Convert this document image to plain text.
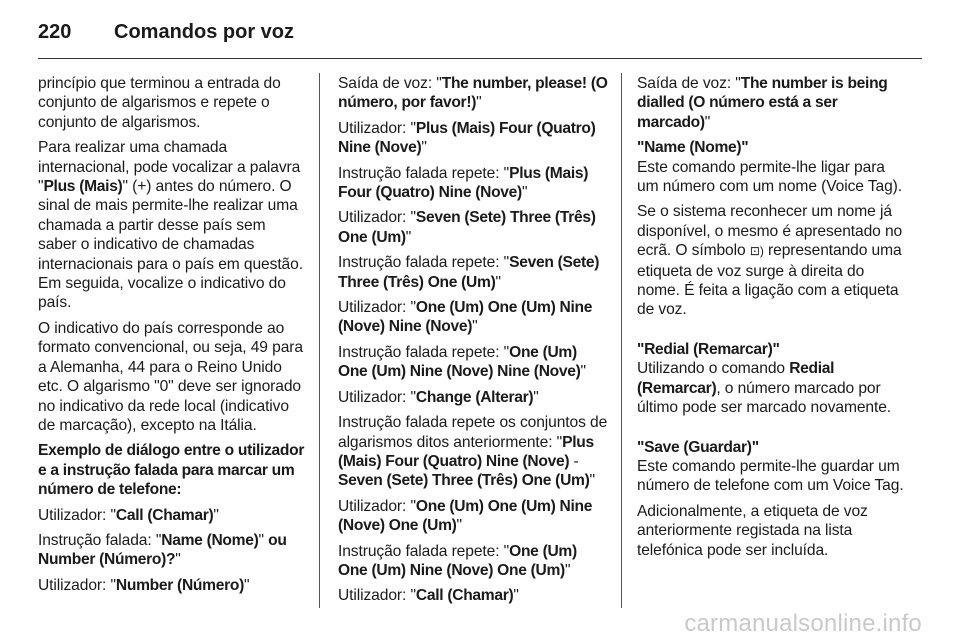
220	Comandos por voz

princípio que terminou a entrada do conjunto de algarismos e repete o conjunto de algarismos.

Para realizar uma chamada internacional, pode vocalizar a palavra "Plus (Mais)" (+) antes do número. O sinal de mais permite-lhe realizar uma chamada a partir desse país sem saber o indicativo de chamadas internacionais para o país em questão. Em seguida, vocalize o indicativo do país.

O indicativo do país corresponde ao formato convencional, ou seja, 49 para a Alemanha, 44 para o Reino Unido etc. O algarismo "0" deve ser ignorado no indicativo da rede local (indicativo de marcação), excepto na Itália.

Exemplo de diálogo entre o utilizador e a instrução falada para marcar um número de telefone:

Utilizador: "Call (Chamar)"

Instrução falada: "Name (Nome)" ou Number (Número)?"

Utilizador: "Number (Número)"

Saída de voz: "The number, please! (O número, por favor!)"

Utilizador: "Plus (Mais) Four (Quatro) Nine (Nove)"

Instrução falada repete: "Plus (Mais) Four (Quatro) Nine (Nove)"

Utilizador: "Seven (Sete) Three (Três) One (Um)"

Instrução falada repete: "Seven (Sete) Three (Três) One (Um)"

Utilizador: "One (Um) One (Um) Nine (Nove) Nine (Nove)"

Instrução falada repete: "One (Um) One (Um) Nine (Nove) Nine (Nove)"

Utilizador: "Change (Alterar)"

Instrução falada repete os conjuntos de algarismos ditos anteriormente: "Plus (Mais) Four (Quatro) Nine (Nove) - Seven (Sete) Three (Três) One (Um)"

Utilizador: "One (Um) One (Um) Nine (Nove) One (Um)"

Instrução falada repete: "One (Um) One (Um) Nine (Nove) One (Um)"

Utilizador: "Call (Chamar)"

Saída de voz: "The number is being dialled (O número está a ser marcado)"

"Name (Nome)"

Este comando permite-lhe ligar para um número com um nome (Voice Tag).

Se o sistema reconhecer um nome já disponível, o mesmo é apresentado no ecrã. O símbolo ⊡) representando uma etiqueta de voz surge à direita do nome. É feita a ligação com a etiqueta de voz.

"Redial (Remarcar)"

Utilizando o comando Redial (Remarcar), o número marcado por último pode ser marcado novamente.

"Save (Guardar)"

Este comando permite-lhe guardar um número de telefone com um Voice Tag.

Adicionalmente, a etiqueta de voz anteriormente registada na lista telefónica pode ser incluída.

carmanualsonline.info
